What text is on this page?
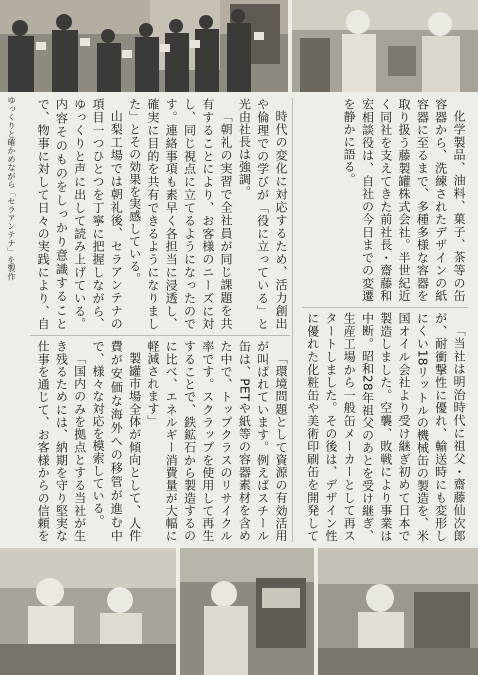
ゆっくりと確かめながら「セラアンテナ」を製作	化学製品、油料、菓子、茶等の缶容器から、洗練されたデザインの紙容器に至るまで、多種多様な容器を取り扱う藤製罐株式会社。半世紀近く同社を支えてきた前社長・齋藤和宏相談役は、自社の今日までの変遷を静かに語る。

「当社は明治時代に祖父・齋藤仙次郎が、耐衝撃性に優れ、輸送時にも変形しにくい18リットルの機械缶の製造を、米国オイル会社より受け継ぎ初めて日本で製造しました。空襲、敗戦により事業は中断。昭和28年祖父のあとを受け継ぎ、生産工場から一般缶メーカーとして再スタートしました。その後は、デザイン性に優れた化粧缶や美術印刷缶を開発して

時代の変化に対応するため、活力創出や倫理での学びが「役に立っている」と光由社長は強調。

「朝礼の実習で全社員が同じ課題を共有することにより、お客様のニーズに対し、同じ視点に立てるようになったのです。連絡事項も素早く各担当に浸透し、確実に目的を共有できるようになりました」とその効果を実感している。

山梨工場では朝礼後、セラアンテナの項目一つひとつを丁寧に把握しながら、ゆっくりと声に出して読み上げている。内容そのものをしっかり意識することで、物事に対して日々の実践により、自

「環境問題として資源の有効活用が叫ばれています。例えばスチール缶は、PETや紙等の容器素材を含めた中で、トップクラスのリサイクル率です。スクラップを使用して再生することで、鉄鉱石から製造するのに比べ、エネルギー消費量が大幅に軽減されます」

製罐市場全体が傾向として、人件費が安価な海外への移管が進む中で、様々な対応を模索している。

「国内のみを拠点とする当社が生き残るためには、納期を守り堅実な仕事を通じて、お客様からの信頼を
